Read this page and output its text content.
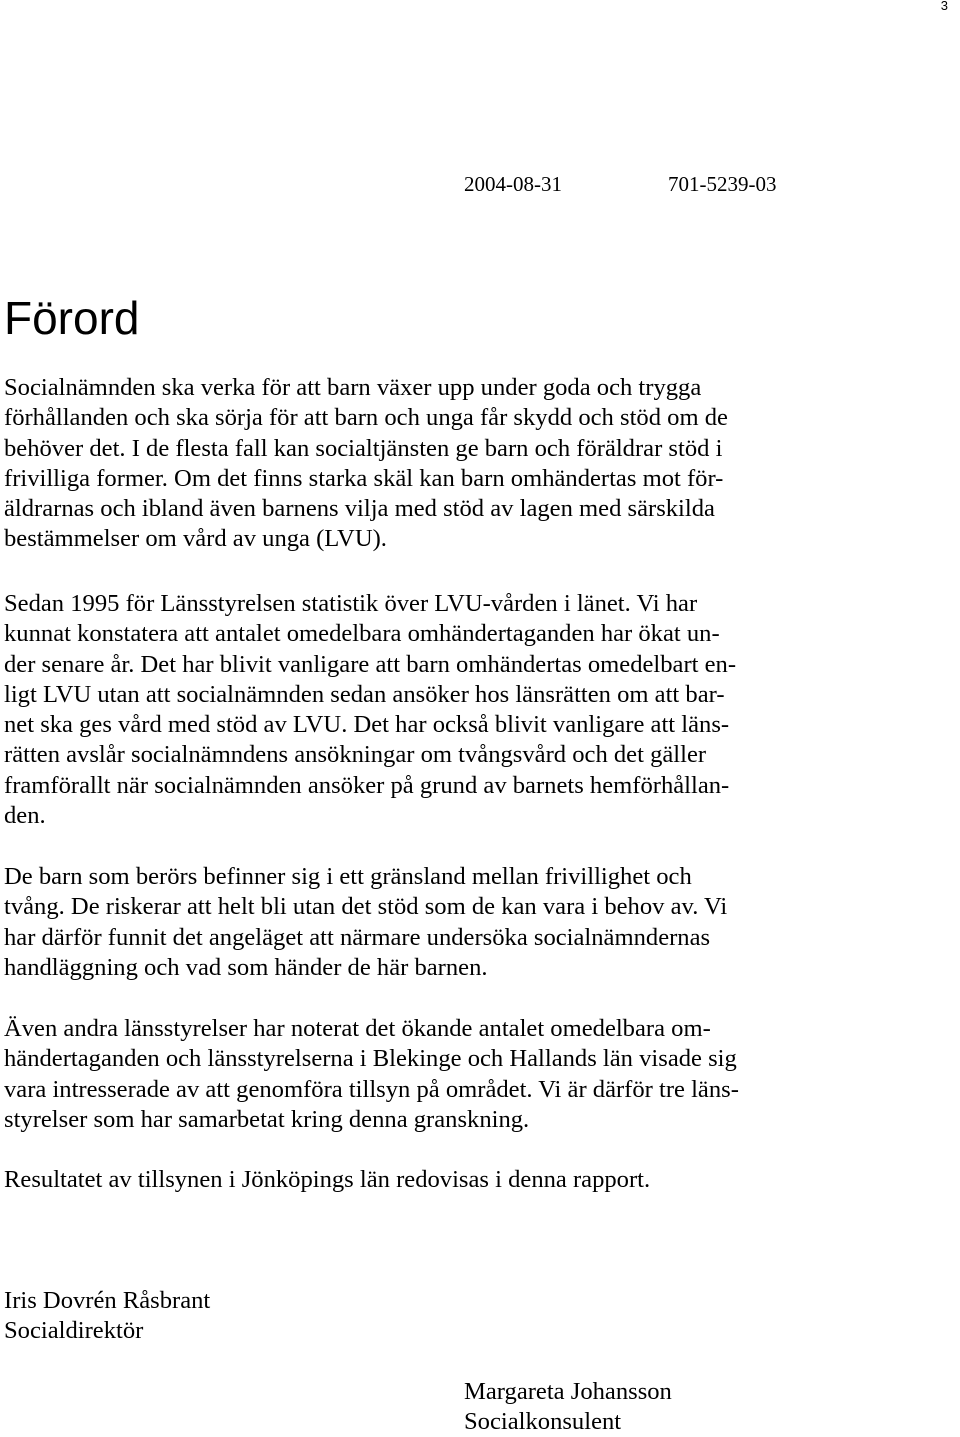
3
2004-08-31	701-5239-03
Förord

Socialnämnden ska verka för att barn växer upp under goda och trygga
förhållanden och ska sörja för att barn och unga får skydd och stöd om de
behöver det. I de flesta fall kan socialtjänsten ge barn och föräldrar stöd i
frivilliga former. Om det finns starka skäl kan barn omhändertas mot för-
äldrarnas och ibland även barnens vilja med stöd av lagen med särskilda
bestämmelser om vård av unga (LVU).

Sedan 1995 för Länsstyrelsen statistik över LVU-vården i länet. Vi har
kunnat konstatera att antalet omedelbara omhändertaganden har ökat un-
der senare år. Det har blivit vanligare att barn omhändertas omedelbart en-
ligt LVU utan att socialnämnden sedan ansöker hos länsrätten om att bar-
net ska ges vård med stöd av LVU. Det har också blivit vanligare att läns-
rätten avslår socialnämndens ansökningar om tvångsvård och det gäller
framförallt när socialnämnden ansöker på grund av barnets hemförhållan-
den.

De barn som berörs befinner sig i ett gränsland mellan frivillighet och
tvång. De riskerar att helt bli utan det stöd som de kan vara i behov av. Vi
har därför funnit det angeläget att närmare undersöka socialnämndernas
handläggning och vad som händer de här barnen.

Även andra länsstyrelser har noterat det ökande antalet omedelbara om-
händertaganden och länsstyrelserna i Blekinge och Hallands län visade sig
vara intresserade av att genomföra tillsyn på området. Vi är därför tre läns-
styrelser som har samarbetat kring denna granskning.

Resultatet av tillsynen i Jönköpings län redovisas i denna rapport.

Iris Dovrén Råsbrant
Socialdirektör
Margareta Johansson
Socialkonsulent
